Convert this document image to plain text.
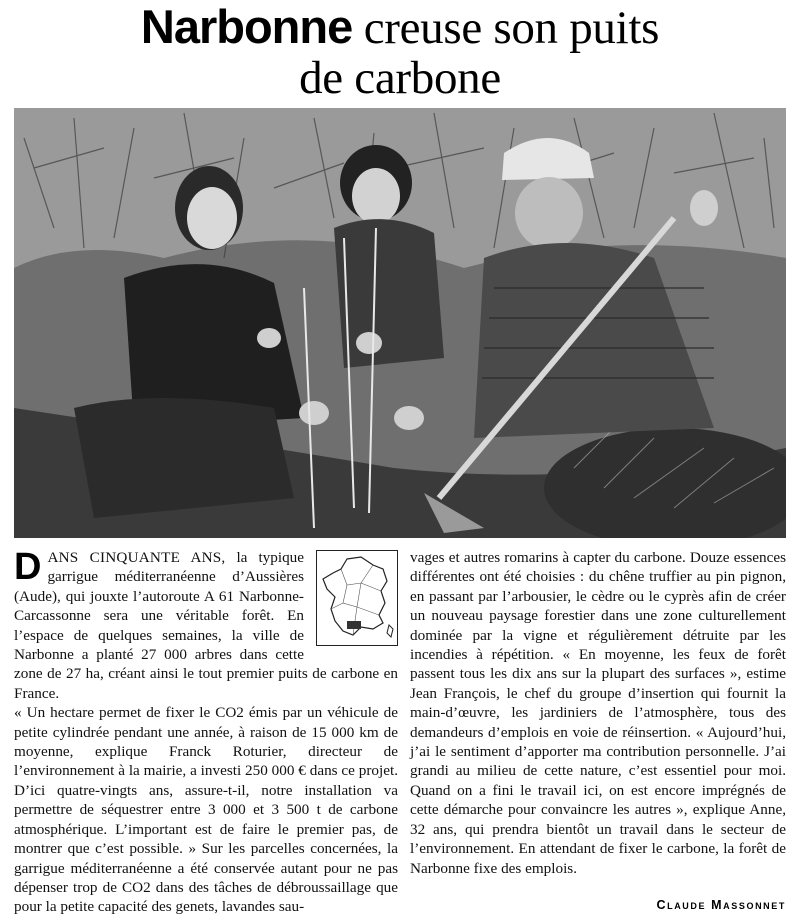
Narbonne creuse son puits
de carbone

DANS CINQUANTE ANS, la typique garrigue méditerranéenne d’Aussières (Aude), qui jouxte l’autoroute A 61 Narbonne-Carcassonne sera une véritable forêt. En l’espace de quelques semaines, la ville de Narbonne a planté 27 000 arbres dans cette zone de 27 ha, créant ainsi le tout premier puits de carbone en France.

« Un hectare permet de fixer le CO2 émis par un véhicule de petite cylindrée pendant une année, à raison de 15 000 km de moyenne, explique Franck Roturier, directeur de l’environnement à la mairie, a investi 250 000 € dans ce projet. D’ici quatre-vingts ans, assure-t-il, notre installation va permettre de séquestrer entre 3 000 et 3 500 t de carbone atmosphérique. L’important est de faire le premier pas, de montrer que c’est possible. » Sur les parcelles concernées, la garrigue méditerranéenne a été conservée autant pour ne pas dépenser trop de CO2 dans des tâches de débroussaillage que pour la petite capacité des genets, lavandes sau-

vages et autres romarins à capter du carbone. Douze essences différentes ont été choisies : du chêne truffier au pin pignon, en passant par l’arbousier, le cèdre ou le cyprès afin de créer un nouveau paysage forestier dans une zone culturellement dominée par la vigne et régulièrement détruite par les incendies à répétition. « En moyenne, les feux de forêt passent tous les dix ans sur la plupart des surfaces », estime Jean François, le chef du groupe d’insertion qui fournit la main-d’œuvre, les jardiniers de l’atmosphère, tous des demandeurs d’emplois en voie de réinsertion. « Aujourd’hui, j’ai le sentiment d’apporter ma contribution personnelle. J’ai grandi au milieu de cette nature, c’est essentiel pour moi. Quand on a fini le travail ici, on est encore imprégnés de cette démarche pour convaincre les autres », explique Anne, 32 ans, qui prendra bientôt un travail dans le secteur de l’environnement. En attendant de fixer le carbone, la forêt de Narbonne fixe des emplois.

Claude Massonnet
